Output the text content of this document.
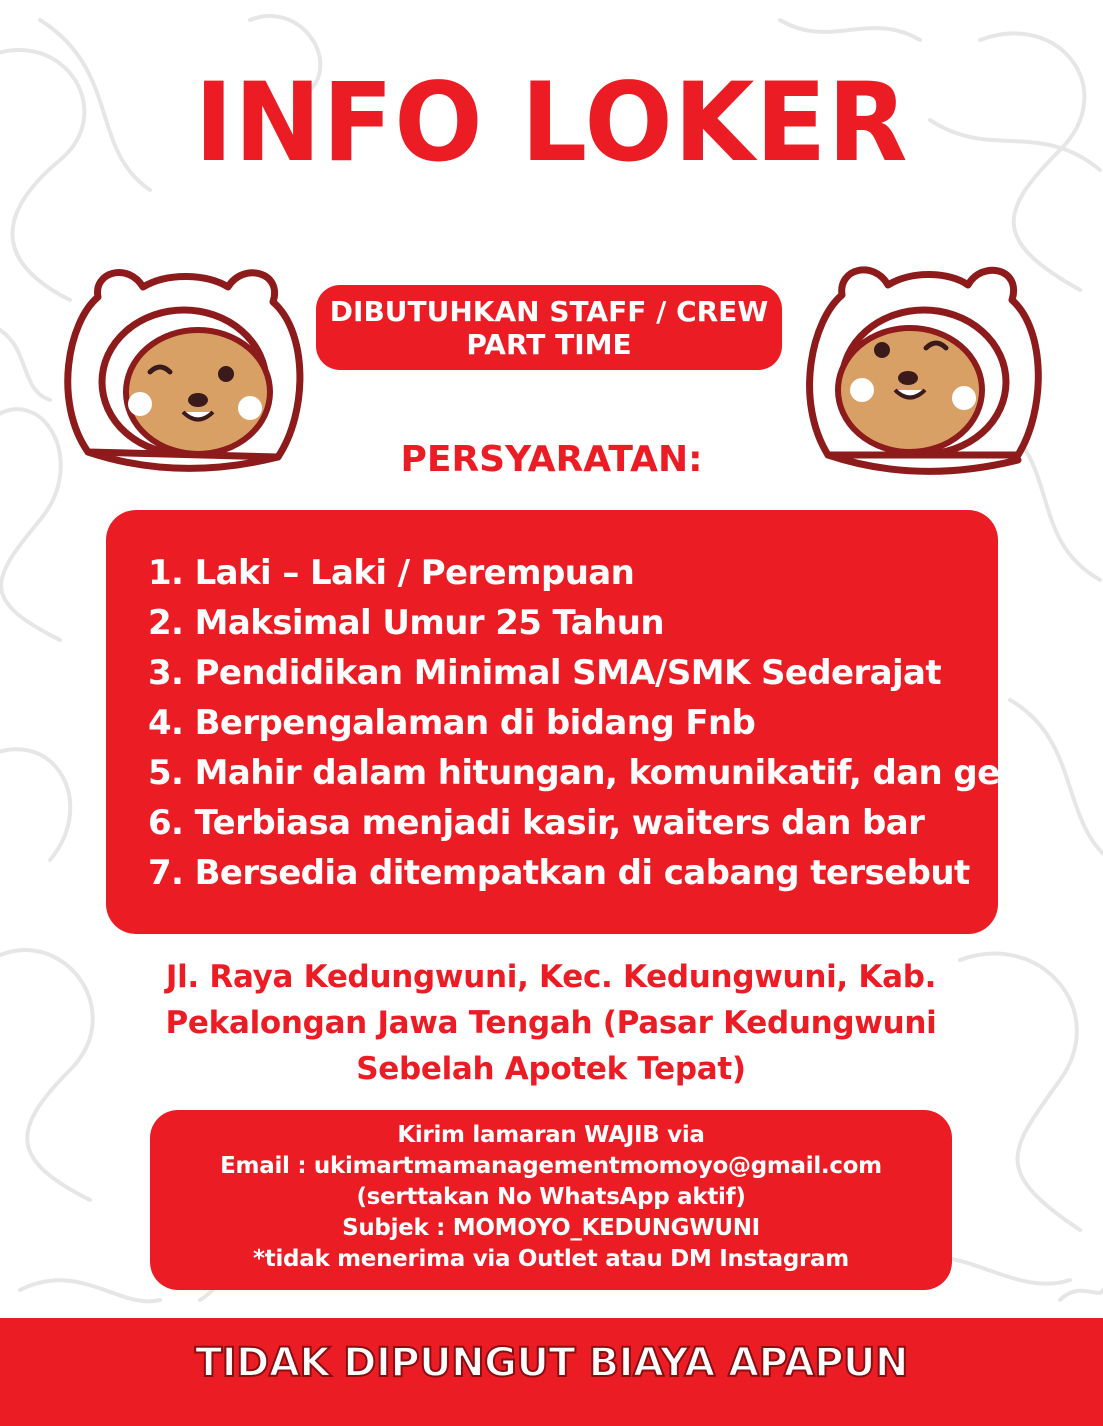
INFO LOKER
MOMOYO KEDUNGWUNI
DIBUTUHKAN STAFF / CREW
PART TIME
PERSYARATAN:
1. Laki – Laki / Perempuan
2. Maksimal Umur 25 Tahun
3. Pendidikan Minimal SMA/SMK Sederajat
4. Berpengalaman di bidang Fnb
5. Mahir dalam hitungan, komunikatif, dan gesit
6. Terbiasa menjadi kasir, waiters dan bar
7. Bersedia ditempatkan di cabang tersebut
Jl. Raya Kedungwuni, Kec. Kedungwuni, Kab.
Pekalongan Jawa Tengah (Pasar Kedungwuni
Sebelah Apotek Tepat)
Kirim lamaran WAJIB via
Email : ukimartmamanagementmomoyo@gmail.com
(serttakan No WhatsApp aktif)
Subjek : MOMOYO_KEDUNGWUNI
*tidak menerima via Outlet atau DM Instagram
TIDAK DIPUNGUT BIAYA APAPUN
